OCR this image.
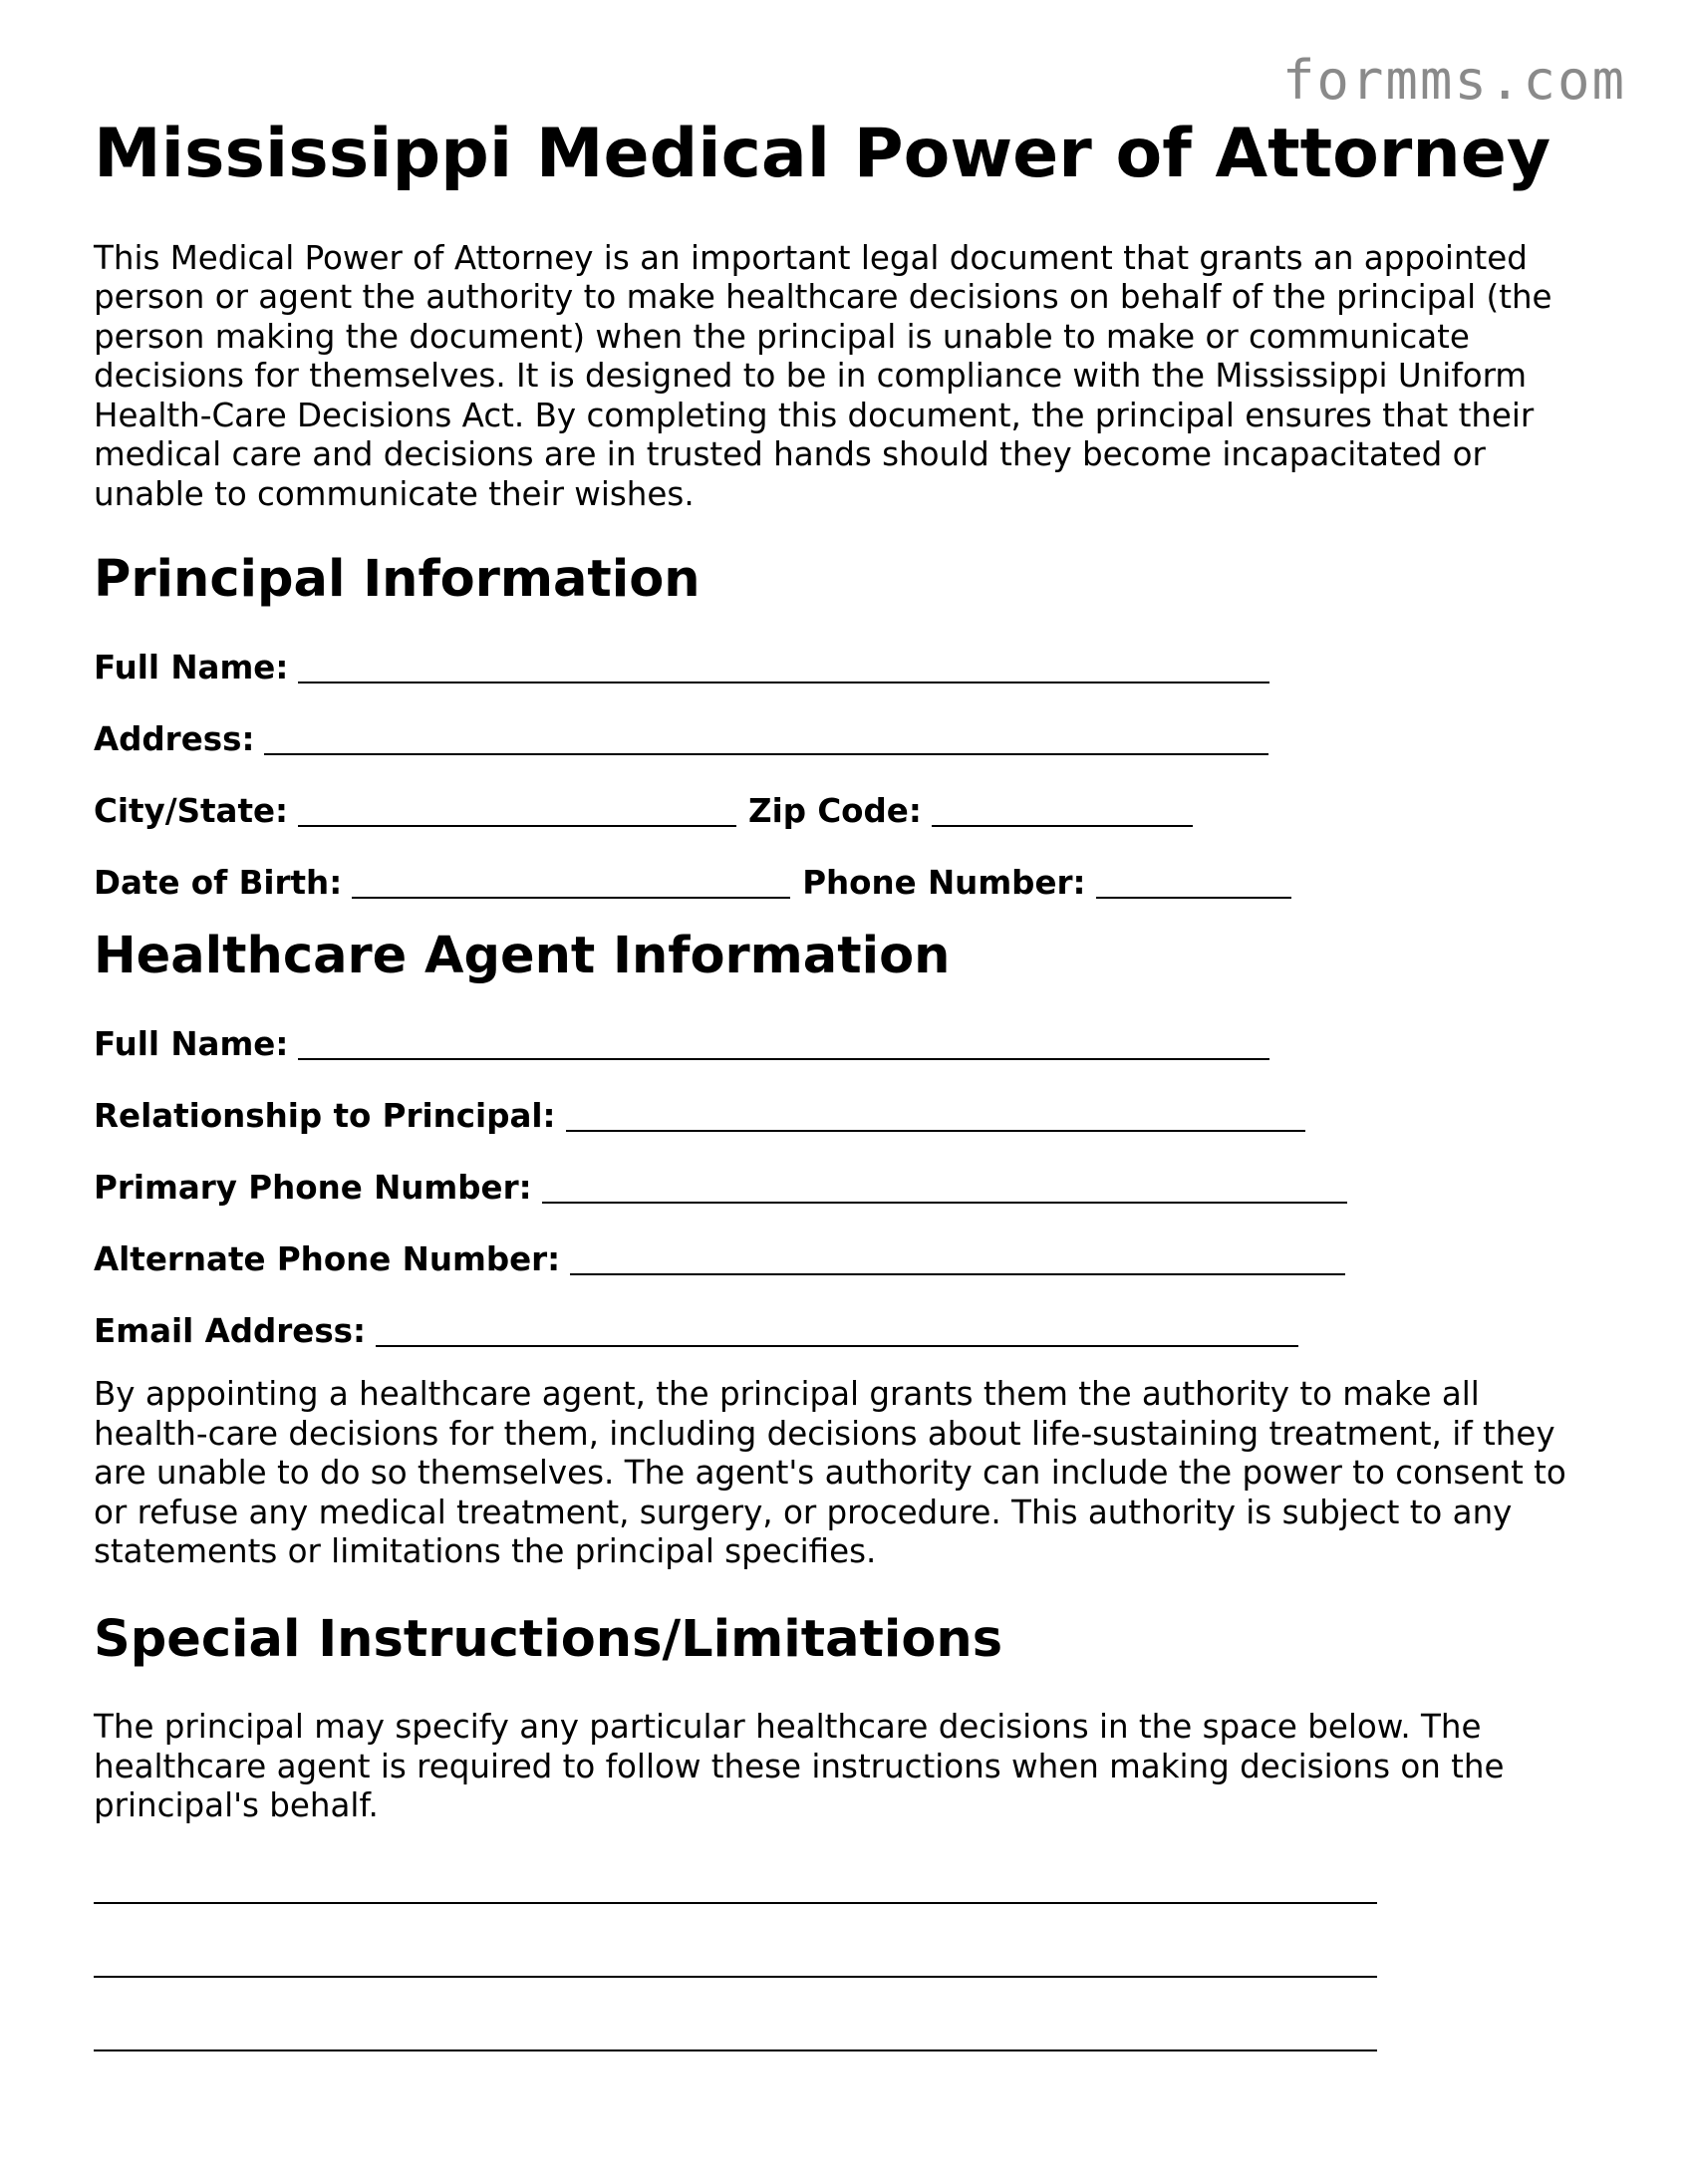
formms.com
Mississippi Medical Power of Attorney

This Medical Power of Attorney is an important legal document that grants an appointed person or agent the authority to make healthcare decisions on behalf of the principal (the person making the document) when the principal is unable to make or communicate decisions for themselves. It is designed to be in compliance with the Mississippi Uniform Health-Care Decisions Act. By completing this document, the principal ensures that their medical care and decisions are in trusted hands should they become incapacitated or unable to communicate their wishes.

Principal Information
Full Name:
Address:
City/State:	Zip Code:
Date of Birth:	Phone Number:
Healthcare Agent Information
Full Name:
Relationship to Principal:
Primary Phone Number:
Alternate Phone Number:
Email Address:

By appointing a healthcare agent, the principal grants them the authority to make all health-care decisions for them, including decisions about life-sustaining treatment, if they are unable to do so themselves. The agent's authority can include the power to consent to or refuse any medical treatment, surgery, or procedure. This authority is subject to any statements or limitations the principal specifies.

Special Instructions/Limitations

The principal may specify any particular healthcare decisions in the space below. The healthcare agent is required to follow these instructions when making decisions on the principal's behalf.
